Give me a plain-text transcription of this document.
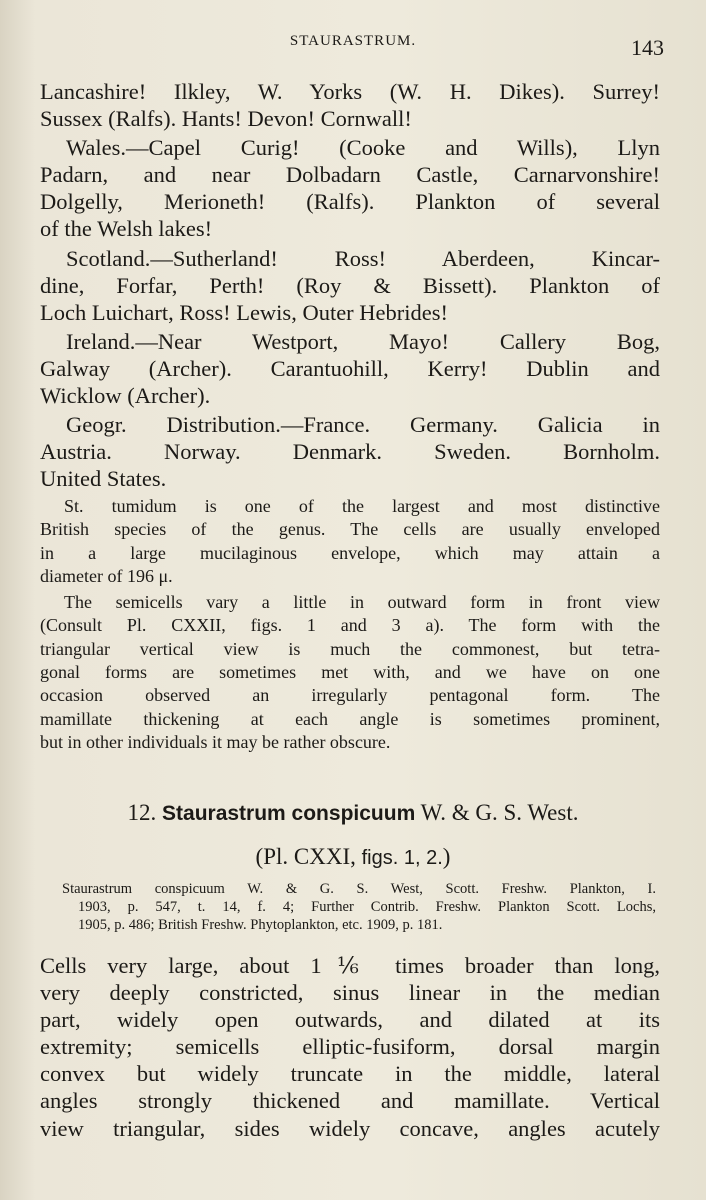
STAURASTRUM.	143
Lancashire! Ilkley, W. Yorks (W. H. Dikes). Surrey!
Sussex (Ralfs). Hants! Devon! Cornwall!
Wales.—Capel Curig! (Cooke and Wills), Llyn
Padarn, and near Dolbadarn Castle, Carnarvonshire!
Dolgelly, Merioneth! (Ralfs). Plankton of several
of the Welsh lakes!
Scotland.—Sutherland! Ross! Aberdeen, Kincar-
dine, Forfar, Perth! (Roy & Bissett). Plankton of
Loch Luichart, Ross! Lewis, Outer Hebrides!
Ireland.—Near Westport, Mayo! Callery Bog,
Galway (Archer). Carantuohill, Kerry! Dublin and
Wicklow (Archer).
Geogr. Distribution.—France. Germany. Galicia in
Austria. Norway. Denmark. Sweden. Bornholm.
United States.
St. tumidum is one of the largest and most distinctive
British species of the genus. The cells are usually enveloped
in a large mucilaginous envelope, which may attain a
diameter of 196 μ.
The semicells vary a little in outward form in front view
(Consult Pl. CXXII, figs. 1 and 3 a). The form with the
triangular vertical view is much the commonest, but tetra-
gonal forms are sometimes met with, and we have on one
occasion observed an irregularly pentagonal form. The
mamillate thickening at each angle is sometimes prominent,
but in other individuals it may be rather obscure.
12. Staurastrum conspicuum W. & G. S. West.
(Pl. CXXI, figs. 1, 2.)
Staurastrum conspicuum W. & G. S. West, Scott. Freshw. Plankton, I.
1903, p. 547, t. 14, f. 4; Further Contrib. Freshw. Plankton Scott. Lochs,
1905, p. 486; British Freshw. Phytoplankton, etc. 1909, p. 181.
Cells very large, about 1⅙ times broader than long,
very deeply constricted, sinus linear in the median
part, widely open outwards, and dilated at its
extremity; semicells elliptic-fusiform, dorsal margin
convex but widely truncate in the middle, lateral
angles strongly thickened and mamillate. Vertical
view triangular, sides widely concave, angles acutely
